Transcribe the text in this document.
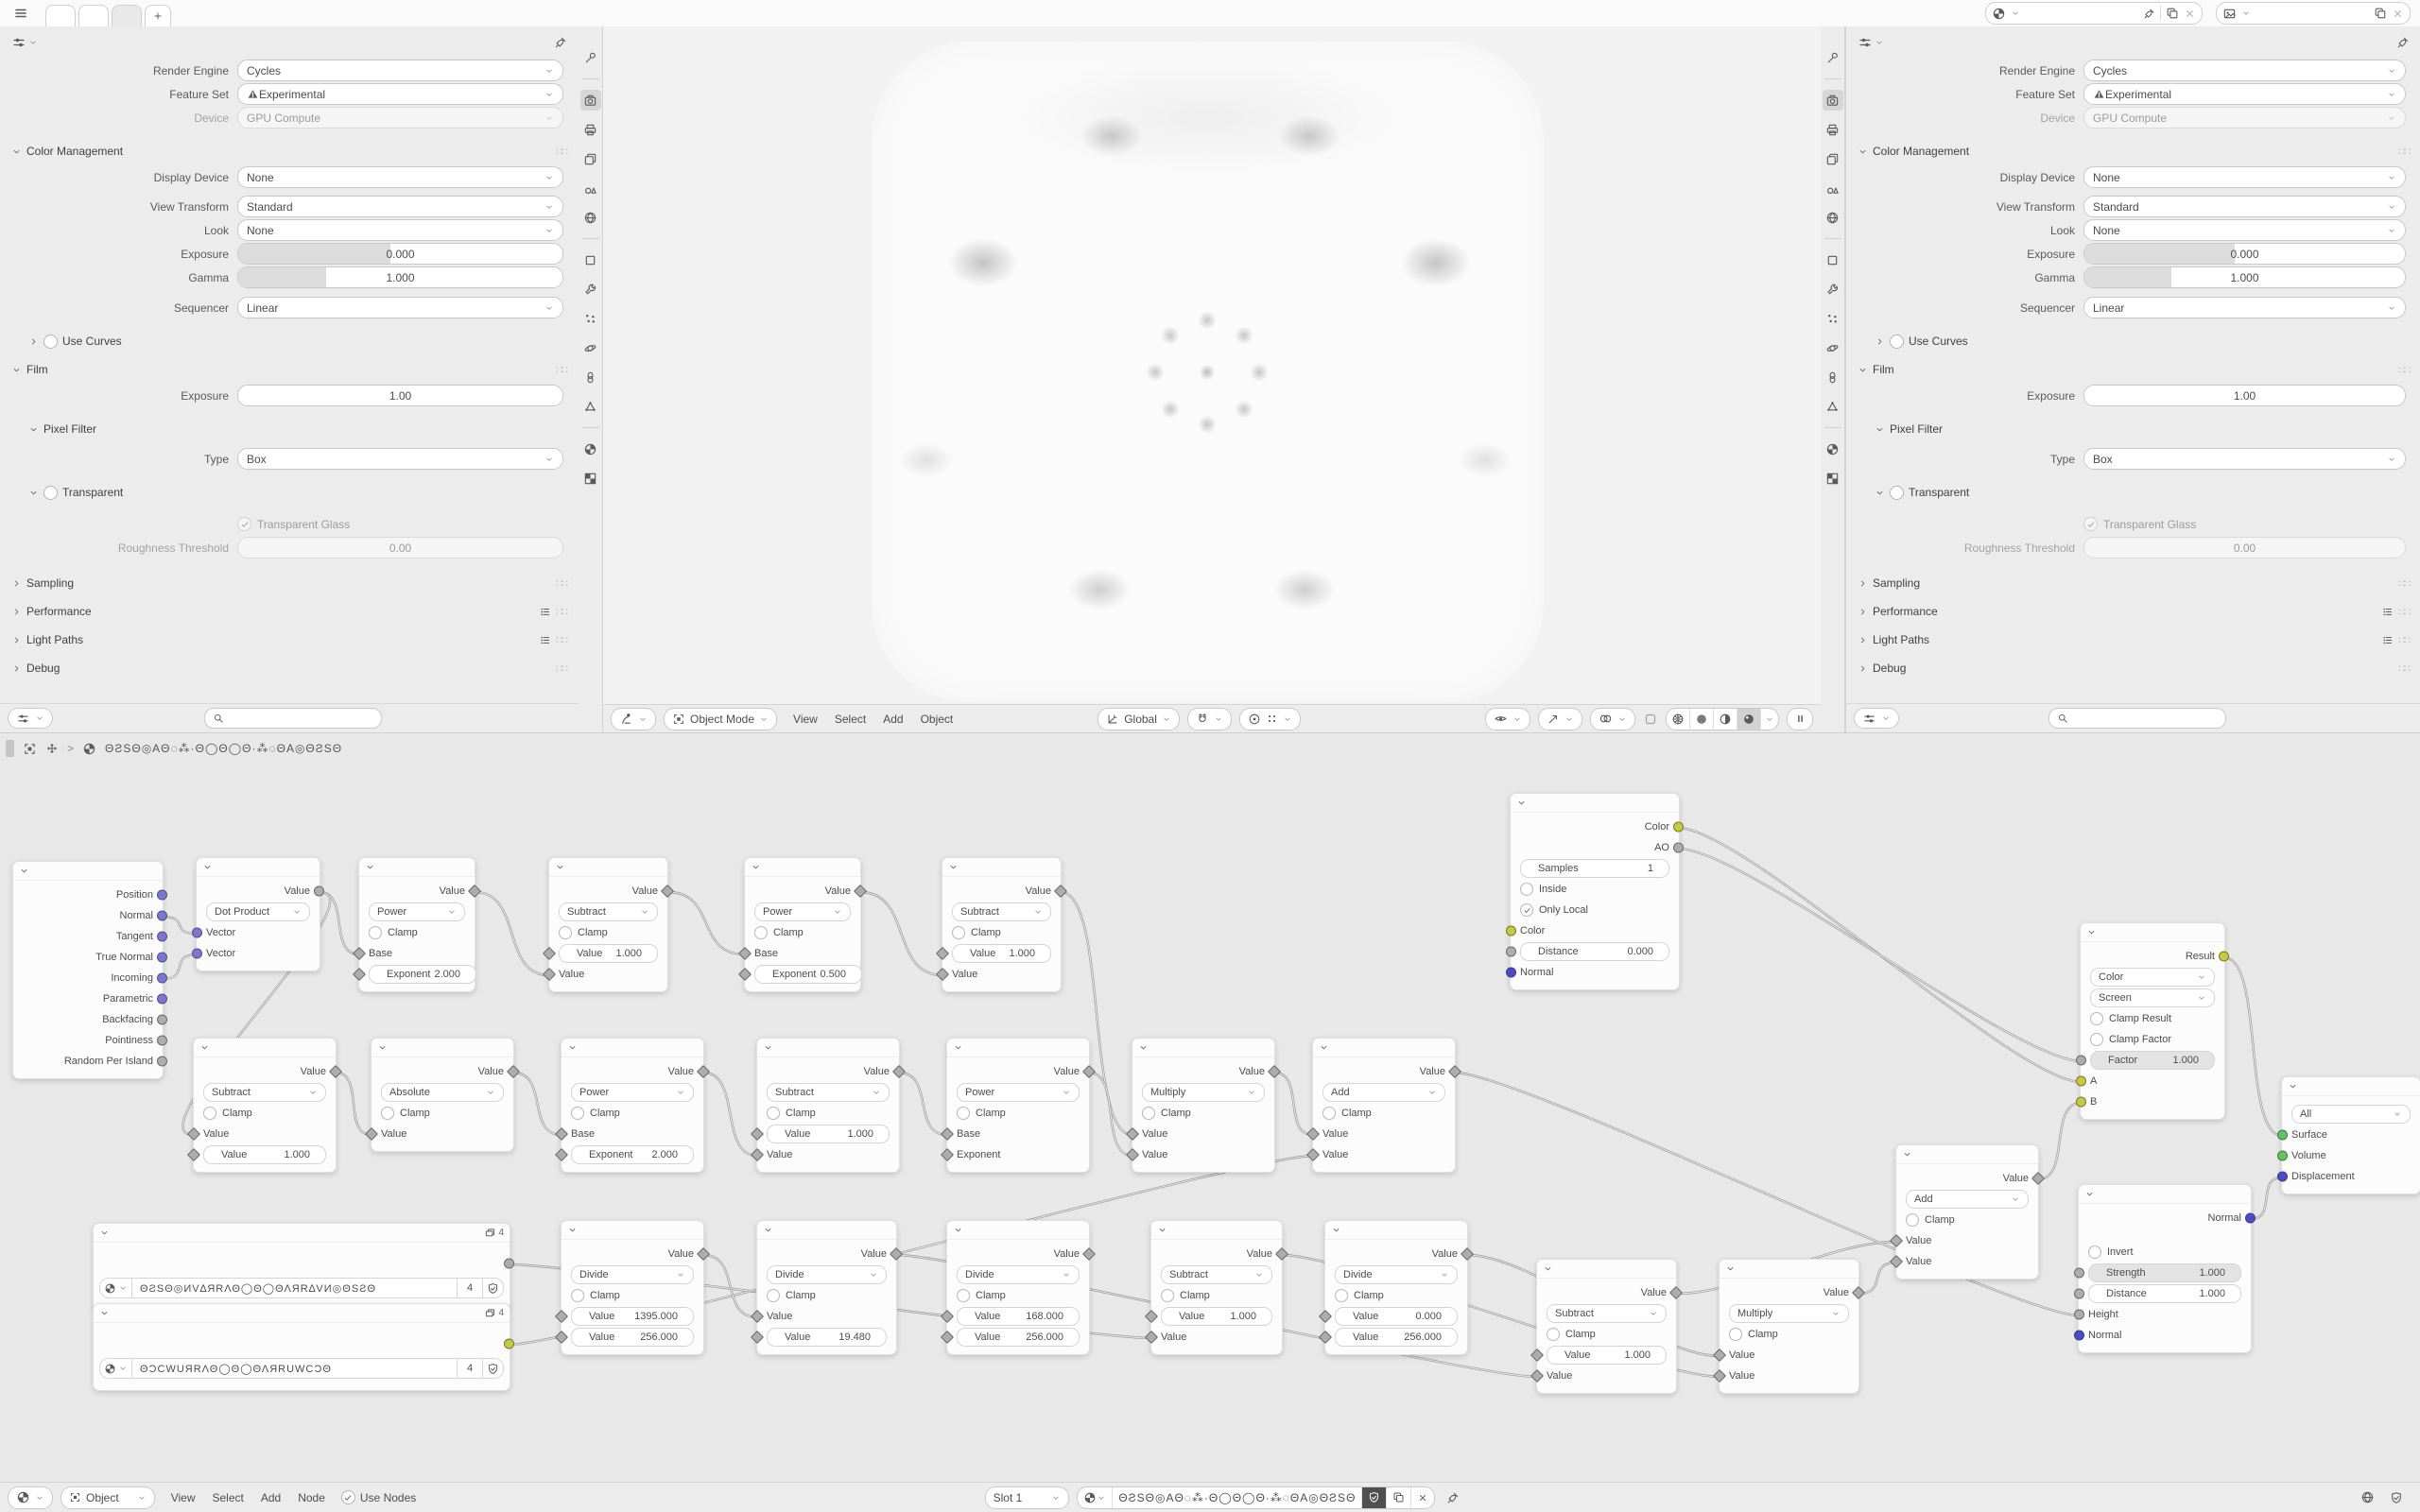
Render Engine	Cycles
Feature Set	Experimental
Device	GPU Compute
Color Management	∷∷
Display Device	None
View Transform	Standard
Look	None
Exposure	0.000
Gamma	1.000
Sequencer	Linear
Use Curves
Film	∷∷
Exposure	1.00
Pixel Filter
Type	Box
Transparent
Transparent Glass
Roughness Threshold	0.00
Sampling	∷∷
Performance	∷∷
Light Paths	∷∷
Debug	∷∷
Object Mode	View	Select	Add	Object	Global
Render Engine	Cycles
Feature Set	Experimental
Device	GPU Compute
Color Management	∷∷
Display Device	None
View Transform	Standard
Look	None
Exposure	0.000
Gamma	1.000
Sequencer	Linear
Use Curves
Film	∷∷
Exposure	1.00
Pixel Filter
Type	Box
Transparent
Transparent Glass
Roughness Threshold	0.00
Sampling	∷∷
Performance	∷∷
Light Paths	∷∷
Debug	∷∷
>	ΘƧSΘ◎AΘ◌⁂·Θ◯Θ◯Θ·⁂◌ΘA◎ΘƧSΘ
Position
Normal
Tangent
True Normal
Incoming
Parametric
Backfacing
Pointiness
Random Per Island
Value
Dot Product
Vector
Vector
Value
Power
Clamp
Base
Exponent 2.000
Value
Subtract
Clamp
Value 1.000
Value
Value
Power
Clamp
Base
Exponent 0.500
Value
Subtract
Clamp
Value 1.000
Value
Color
AO
Samples	1
Inside
Only Local
Color
Distance	0.000
Normal
Value
Subtract
Clamp
Value
Value	1.000
Value
Absolute
Clamp
Value
Value
Power
Clamp
Base
Exponent 2.000
Value
Subtract
Clamp
Value	1.000
Value
Value
Power
Clamp
Base
Exponent
Value
Multiply
Clamp
Value
Value
Value
Add
Clamp
Value
Value
4
ΘƧSΘ◎ИV∆ЯRΛΘ◯Θ◯ΘΛЯR∆VИ◎ΘSƧΘ	4
4
ΘƆϹWUЯRΛΘ◯Θ◯ΘΛЯRUWϹƆΘ	4
Value
Divide
Clamp
Value 1395.000
Value 256.000
Value
Divide
Clamp
Value
Value	19.480
Value
Divide
Clamp
Value 168.000
Value 256.000
Value
Subtract
Clamp
Value 1.000
Value
Value
Divide
Clamp
Value	0.000
Value 256.000
Value
Subtract
Clamp
Value	1.000
Value
Value
Multiply
Clamp
Value
Value
Value
Add
Clamp
Value
Value
Result
Color
Screen
Clamp Result
Clamp Factor
Factor	1.000
A
B
Normal
Invert
Strength	1.000
Distance	1.000
Height
Normal
All
Surface
Volume
Displacement
Object	View Select Add Node	Use Nodes	Slot 1	ΘƧSΘ◎AΘ◌⁂·Θ◯Θ◯Θ·⁂◌ΘA◎ΘƧSΘ
